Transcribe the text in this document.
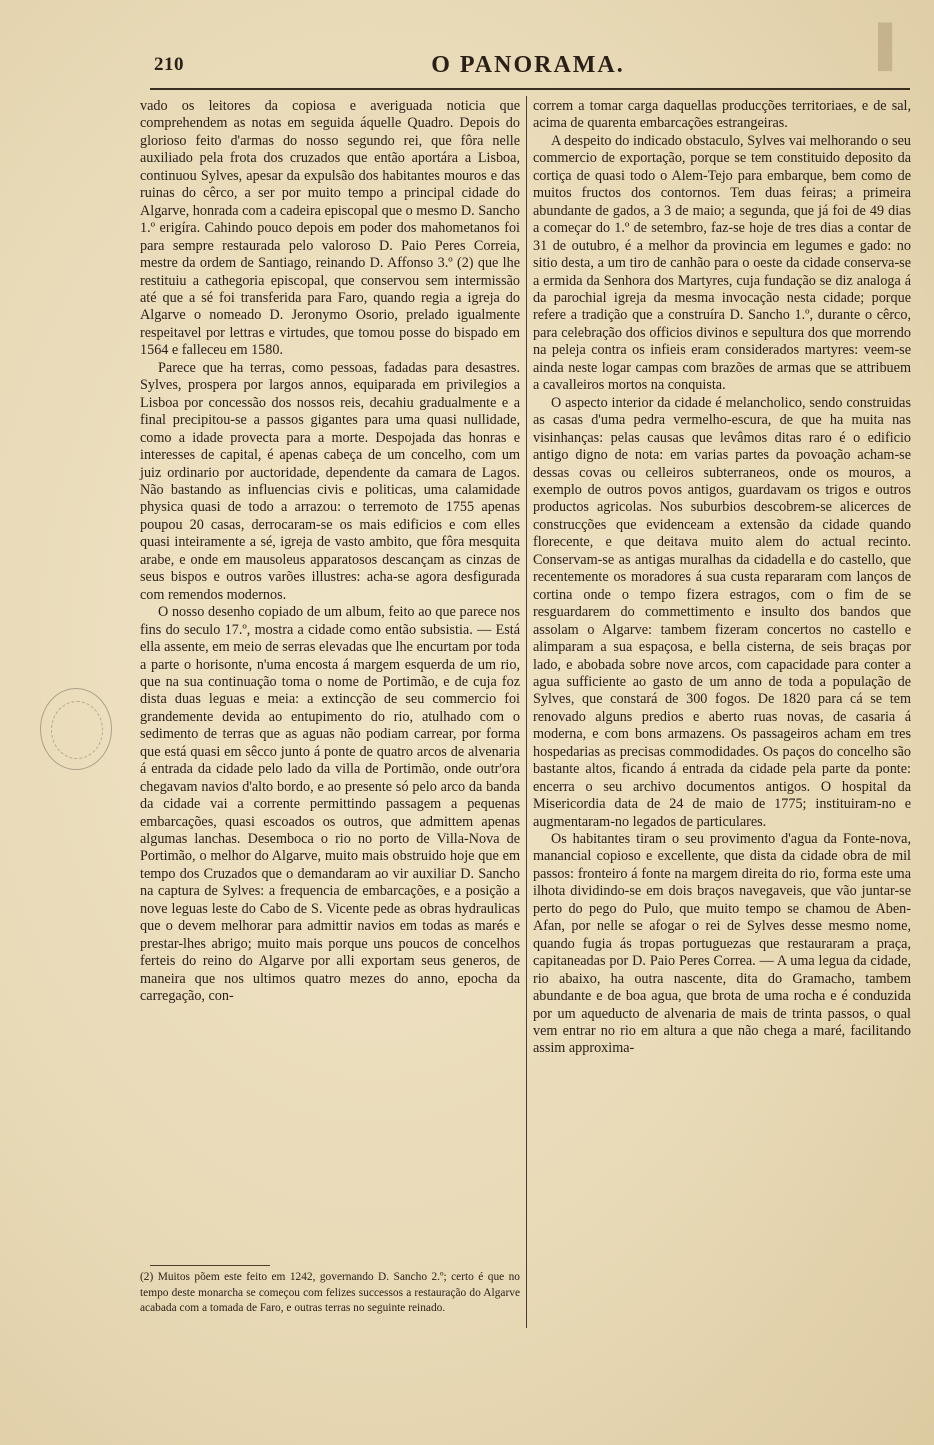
▌
210	O PANORAMA.

vado os leitores da copiosa e averiguada noticia que comprehendem as notas em seguida áquelle Quadro. Depois do glorioso feito d'armas do nosso segundo rei, que fôra nelle auxiliado pela frota dos cruzados que então aportára a Lisboa, continuou Sylves, apesar da expulsão dos habitantes mouros e das ruinas do cêrco, a ser por muito tempo a principal cidade do Algarve, honrada com a cadeira episcopal que o mesmo D. Sancho 1.º erigíra. Cahindo pouco depois em poder dos mahometanos foi para sempre restaurada pelo valoroso D. Paio Peres Correia, mestre da ordem de Santiago, reinando D. Affonso 3.º (2) que lhe restituiu a cathegoria episcopal, que conservou sem intermissão até que a sé foi transferida para Faro, quando regia a igreja do Algarve o nomeado D. Jeronymo Osorio, prelado igualmente respeitavel por lettras e virtudes, que tomou posse do bispado em 1564 e falleceu em 1580.

Parece que ha terras, como pessoas, fadadas para desastres. Sylves, prospera por largos annos, equiparada em privilegios a Lisboa por concessão dos nossos reis, decahiu gradualmente e a final precipitou-se a passos gigantes para uma quasi nullidade, como a idade provecta para a morte. Despojada das honras e interesses de capital, é apenas cabeça de um concelho, com um juiz ordinario por auctoridade, dependente da camara de Lagos. Não bastando as influencias civis e politicas, uma calamidade physica quasi de todo a arrazou: o terremoto de 1755 apenas poupou 20 casas, derrocaram-se os mais edificios e com elles quasi inteiramente a sé, igreja de vasto ambito, que fôra mesquita arabe, e onde em mausoleus apparatosos descançam as cinzas de seus bispos e outros varões illustres: acha-se agora desfigurada com remendos modernos.

O nosso desenho copiado de um album, feito ao que parece nos fins do seculo 17.º, mostra a cidade como então subsistia. — Está ella assente, em meio de serras elevadas que lhe encurtam por toda a parte o horisonte, n'uma encosta á margem esquerda de um rio, que na sua continuação toma o nome de Portimão, e de cuja foz dista duas leguas e meia: a extincção de seu commercio foi grandemente devida ao entupimento do rio, atulhado com o sedimento de terras que as aguas não podiam carrear, por forma que está quasi em sêcco junto á ponte de quatro arcos de alvenaria á entrada da cidade pelo lado da villa de Portimão, onde outr'ora chegavam navios d'alto bordo, e ao presente só pelo arco da banda da cidade vai a corrente permittindo passagem a pequenas embarcações, quasi escoados os outros, que admittem apenas algumas lanchas. Desemboca o rio no porto de Villa-Nova de Portimão, o melhor do Algarve, muito mais obstruido hoje que em tempo dos Cruzados que o demandaram ao vir auxiliar D. Sancho na captura de Sylves: a frequencia de embarcações, e a posição a nove leguas leste do Cabo de S. Vicente pede as obras hydraulicas que o devem melhorar para admittir navios em todas as marés e prestar-lhes abrigo; muito mais porque uns poucos de concelhos ferteis do reino do Algarve por alli exportam seus generos, de maneira que nos ultimos quatro mezes do anno, epocha da carregação, con-

correm a tomar carga daquellas producções territoriaes, e de sal, acima de quarenta embarcações estrangeiras.

A despeito do indicado obstaculo, Sylves vai melhorando o seu commercio de exportação, porque se tem constituido deposito da cortiça de quasi todo o Alem-Tejo para embarque, bem como de muitos fructos dos contornos. Tem duas feiras; a primeira abundante de gados, a 3 de maio; a segunda, que já foi de 49 dias a começar do 1.º de setembro, faz-se hoje de tres dias a contar de 31 de outubro, é a melhor da provincia em legumes e gado: no sitio desta, a um tiro de canhão para o oeste da cidade conserva-se a ermida da Senhora dos Martyres, cuja fundação se diz analoga á da parochial igreja da mesma invocação nesta cidade; porque refere a tradição que a construíra D. Sancho 1.º, durante o cêrco, para celebração dos officios divinos e sepultura dos que morrendo na peleja contra os infieis eram considerados martyres: veem-se ainda neste logar campas com brazões de armas que se attribuem a cavalleiros mortos na conquista.

O aspecto interior da cidade é melancholico, sendo construidas as casas d'uma pedra vermelho-escura, de que ha muita nas visinhanças: pelas causas que levâmos ditas raro é o edificio antigo digno de nota: em varias partes da povoação acham-se dessas covas ou celleiros subterraneos, onde os mouros, a exemplo de outros povos antigos, guardavam os trigos e outros productos agricolas. Nos suburbios descobrem-se alicerces de construcções que evidenceam a extensão da cidade quando florecente, e que deitava muito alem do actual recinto. Conservam-se as antigas muralhas da cidadella e do castello, que recentemente os moradores á sua custa repararam com lanços de cortina onde o tempo fizera estragos, com o fim de se resguardarem do commettimento e insulto dos bandos que assolam o Algarve: tambem fizeram concertos no castello e alimparam a sua espaçosa, e bella cisterna, de seis braças por lado, e abobada sobre nove arcos, com capacidade para conter a agua sufficiente ao gasto de um anno de toda a população de Sylves, que constará de 300 fogos. De 1820 para cá se tem renovado alguns predios e aberto ruas novas, de casaria á moderna, e com bons armazens. Os passageiros acham em tres hospedarias as precisas commodidades. Os paços do concelho são bastante altos, ficando á entrada da cidade pela parte da ponte: encerra o seu archivo documentos antigos. O hospital da Misericordia data de 24 de maio de 1775; instituiram-no e augmentaram-no legados de particulares.

Os habitantes tiram o seu provimento d'agua da Fonte-nova, manancial copioso e excellente, que dista da cidade obra de mil passos: fronteiro á fonte na margem direita do rio, forma este uma ilhota dividindo-se em dois braços navegaveis, que vão juntar-se perto do pego do Pulo, que muito tempo se chamou de Aben-Afan, por nelle se afogar o rei de Sylves desse mesmo nome, quando fugia ás tropas portuguezas que restauraram a praça, capitaneadas por D. Paio Peres Correa. — A uma legua da cidade, rio abaixo, ha outra nascente, dita do Gramacho, tambem abundante e de boa agua, que brota de uma rocha e é conduzida por um aqueducto de alvenaria de mais de trinta passos, o qual vem entrar no rio em altura a que não chega a maré, facilitando assim approxima-

(2) Muitos põem este feito em 1242, governando D. Sancho 2.º; certo é que no tempo deste monarcha se começou com felizes successos a restauração do Algarve acabada com a tomada de Faro, e outras terras no seguinte reinado.
